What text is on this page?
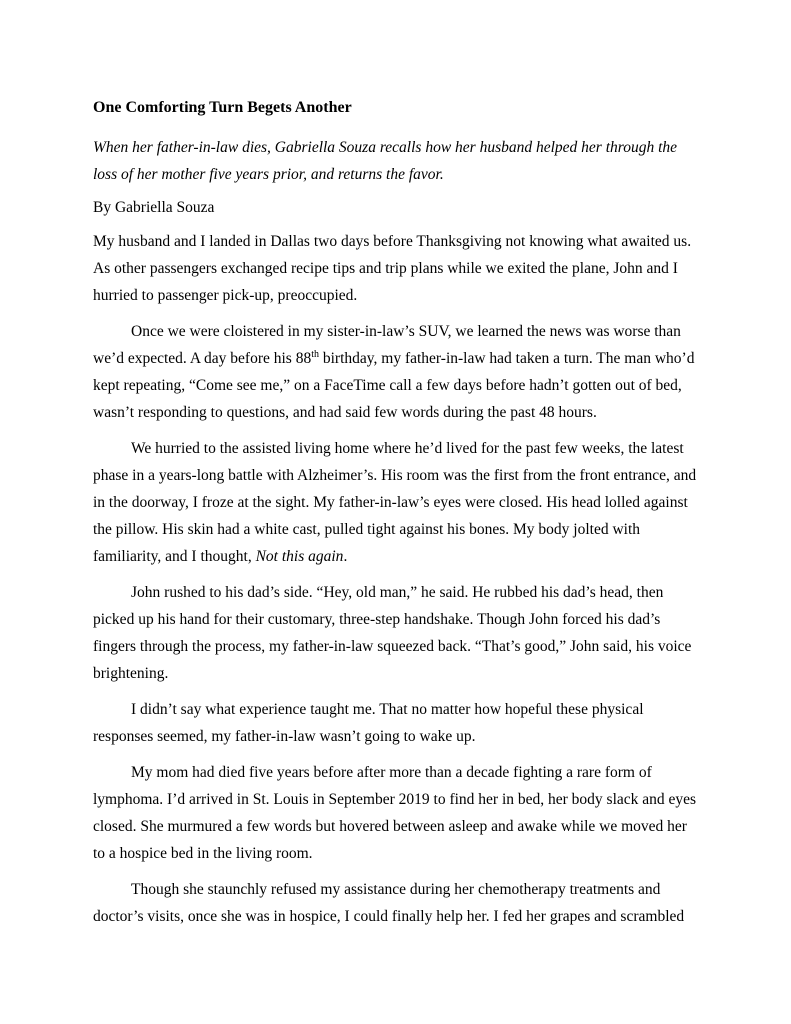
One Comforting Turn Begets Another

When her father-in-law dies, Gabriella Souza recalls how her husband helped her through the loss of her mother five years prior, and returns the favor.

By Gabriella Souza

My husband and I landed in Dallas two days before Thanksgiving not knowing what awaited us. As other passengers exchanged recipe tips and trip plans while we exited the plane, John and I hurried to passenger pick-up, preoccupied.

Once we were cloistered in my sister-in-law’s SUV, we learned the news was worse than we’d expected. A day before his 88th birthday, my father-in-law had taken a turn. The man who’d kept repeating, “Come see me,” on a FaceTime call a few days before hadn’t gotten out of bed, wasn’t responding to questions, and had said few words during the past 48 hours.

We hurried to the assisted living home where he’d lived for the past few weeks, the latest phase in a years-long battle with Alzheimer’s. His room was the first from the front entrance, and in the doorway, I froze at the sight. My father-in-law’s eyes were closed. His head lolled against the pillow. His skin had a white cast, pulled tight against his bones. My body jolted with familiarity, and I thought, Not this again.

John rushed to his dad’s side. “Hey, old man,” he said. He rubbed his dad’s head, then picked up his hand for their customary, three-step handshake. Though John forced his dad’s fingers through the process, my father-in-law squeezed back. “That’s good,” John said, his voice brightening.

I didn’t say what experience taught me. That no matter how hopeful these physical responses seemed, my father-in-law wasn’t going to wake up.

My mom had died five years before after more than a decade fighting a rare form of lymphoma. I’d arrived in St. Louis in September 2019 to find her in bed, her body slack and eyes closed. She murmured a few words but hovered between asleep and awake while we moved her to a hospice bed in the living room.

Though she staunchly refused my assistance during her chemotherapy treatments and doctor’s visits, once she was in hospice, I could finally help her. I fed her grapes and scrambled
